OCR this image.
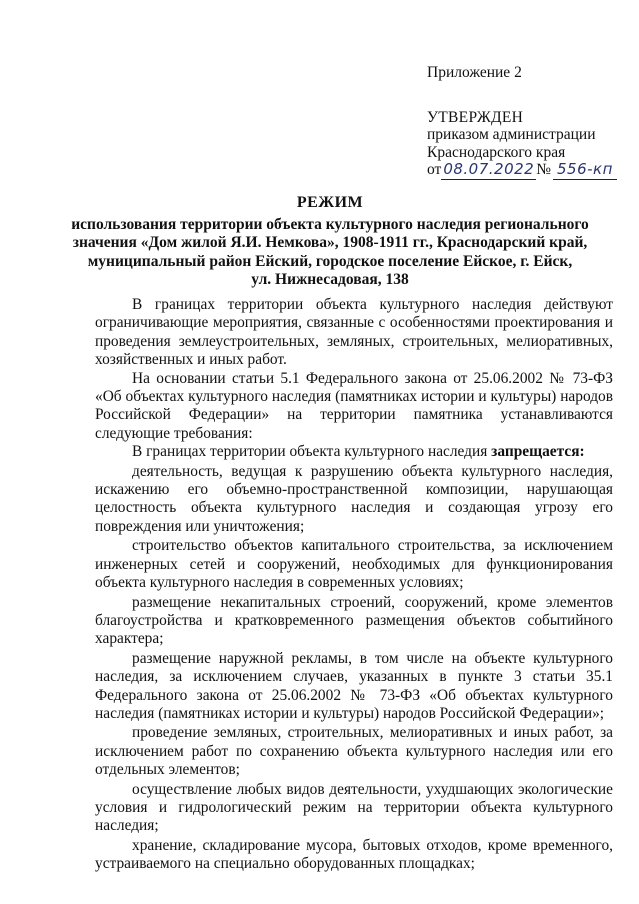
Приложение 2
УТВЕРЖДЕН
приказом администрации
Краснодарского края
от 08.07.2022 № 556-кп
РЕЖИМ
использования территории объекта культурного наследия регионального
значения «Дом жилой Я.И. Немкова», 1908-1911 гг., Краснодарский край,
муниципальный район Ейский, городское поселение Ейское, г. Ейск,
ул. Нижнесадовая, 138

В границах территории объекта культурного наследия действуют ограничивающие мероприятия, связанные с особенностями проектирования и проведения землеустроительных, земляных, строительных, мелиоративных, хозяйственных и иных работ.

На основании статьи 5.1 Федерального закона от 25.06.2002 № 73-ФЗ «Об объектах культурного наследия (памятниках истории и культуры) народов Российской Федерации» на территории памятника устанавливаются следующие требования:

В границах территории объекта культурного наследия запрещается:

деятельность, ведущая к разрушению объекта культурного наследия, искажению его объемно-пространственной композиции, нарушающая целостность объекта культурного наследия и создающая угрозу его повреждения или уничтожения;

строительство объектов капитального строительства, за исключением инженерных сетей и сооружений, необходимых для функционирования объекта культурного наследия в современных условиях;

размещение некапитальных строений, сооружений, кроме элементов благоустройства и кратковременного размещения объектов событийного характера;

размещение наружной рекламы, в том числе на объекте культурного наследия, за исключением случаев, указанных в пункте 3 статьи 35.1 Федерального закона от 25.06.2002 № 73-ФЗ «Об объектах культурного наследия (памятниках истории и культуры) народов Российской Федерации»;

проведение земляных, строительных, мелиоративных и иных работ, за исключением работ по сохранению объекта культурного наследия или его отдельных элементов;

осуществление любых видов деятельности, ухудшающих экологические условия и гидрологический режим на территории объекта культурного наследия;

хранение, складирование мусора, бытовых отходов, кроме временного, устраиваемого на специально оборудованных площадках;
